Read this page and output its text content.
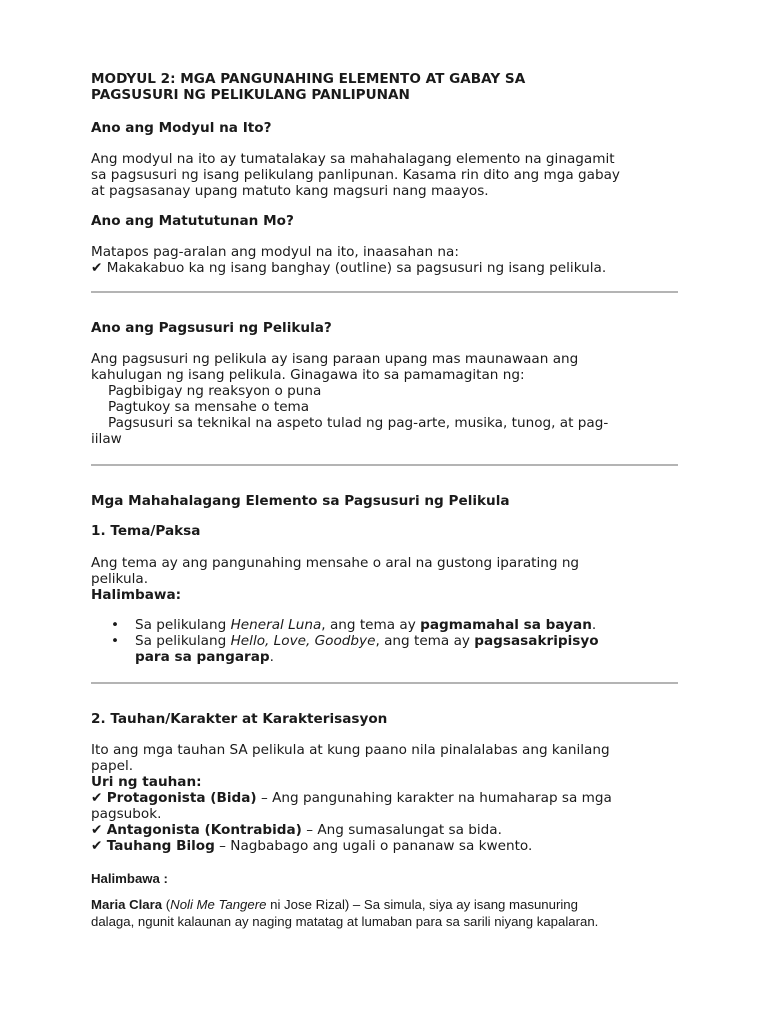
MODYUL 2: MGA PANGUNAHING ELEMENTO AT GABAY SA
PAGSUSURI NG PELIKULANG PANLIPUNAN
Ano ang Modyul na Ito?
Ang modyul na ito ay tumatalakay sa mahahalagang elemento na ginagamit
sa pagsusuri ng isang pelikulang panlipunan. Kasama rin dito ang mga gabay
at pagsasanay upang matuto kang magsuri nang maayos.
Ano ang Matututunan Mo?
Matapos pag-aralan ang modyul na ito, inaasahan na:
✔ Makakabuo ka ng isang banghay (outline) sa pagsusuri ng isang pelikula.
Ano ang Pagsusuri ng Pelikula?
Ang pagsusuri ng pelikula ay isang paraan upang mas maunawaan ang
kahulugan ng isang pelikula. Ginagawa ito sa pamamagitan ng:
Pagbibigay ng reaksyon o puna
Pagtukoy sa mensahe o tema
Pagsusuri sa teknikal na aspeto tulad ng pag-arte, musika, tunog, at pag-
iilaw
Mga Mahahalagang Elemento sa Pagsusuri ng Pelikula
1. Tema/Paksa
Ang tema ay ang pangunahing mensahe o aral na gustong iparating ng
pelikula.
Halimbawa:
• Sa pelikulang Heneral Luna, ang tema ay pagmamahal sa bayan.
• Sa pelikulang Hello, Love, Goodbye, ang tema ay pagsasakripisyo
para sa pangarap.
2. Tauhan/Karakter at Karakterisasyon
Ito ang mga tauhan SA pelikula at kung paano nila pinalalabas ang kanilang
papel.
Uri ng tauhan:
✔ Protagonista (Bida) – Ang pangunahing karakter na humaharap sa mga
pagsubok.
✔ Antagonista (Kontrabida) – Ang sumasalungat sa bida.
✔ Tauhang Bilog – Nagbabago ang ugali o pananaw sa kwento.
Halimbawa :
Maria Clara (Noli Me Tangere ni Jose Rizal) – Sa simula, siya ay isang masunuring
dalaga, ngunit kalaunan ay naging matatag at lumaban para sa sarili niyang kapalaran.
